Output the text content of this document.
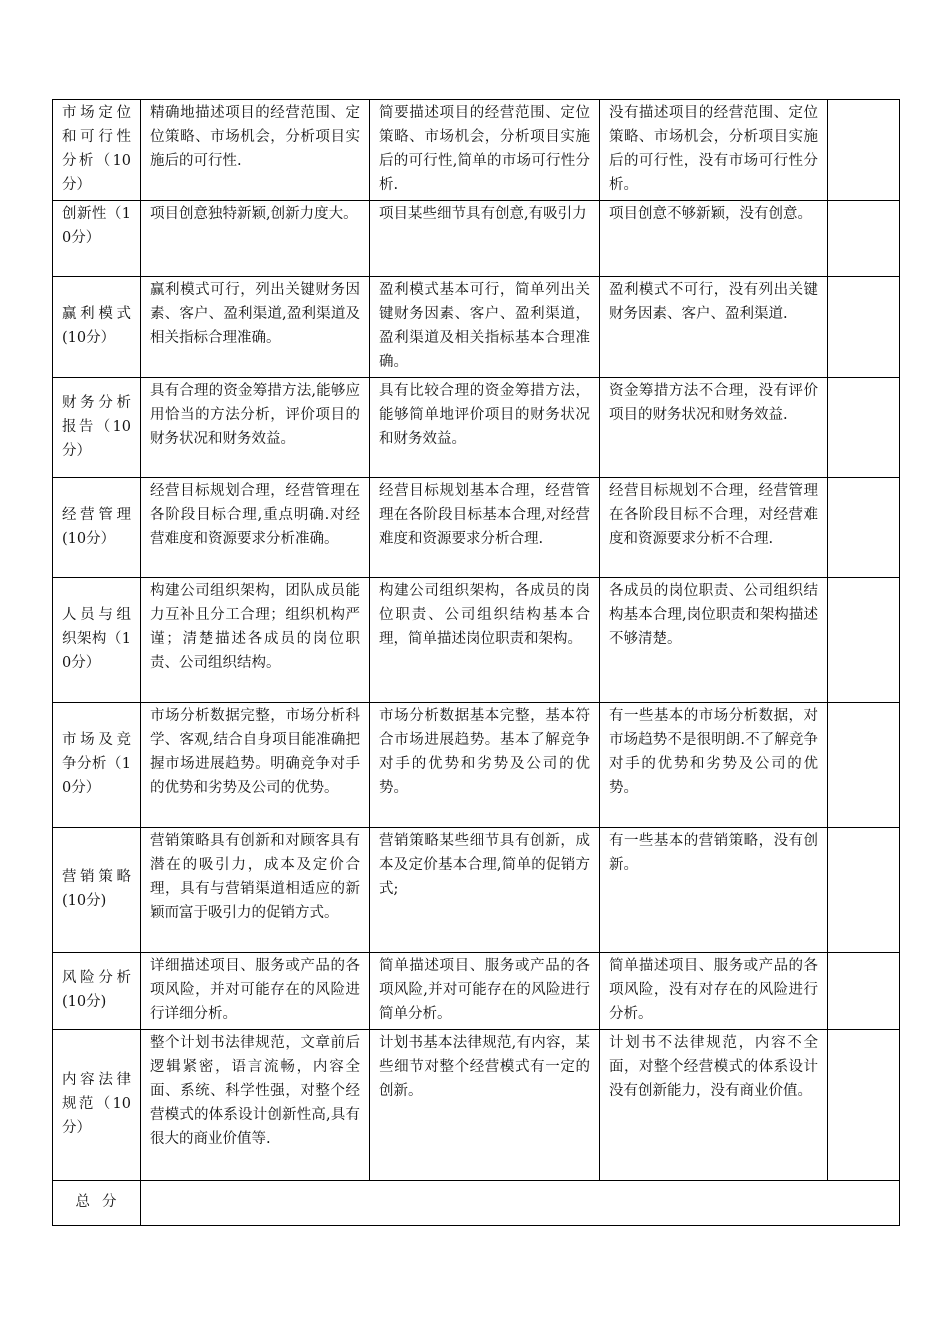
市场定位和可行性分析（10分）	精确地描述项目的经营范围、定位策略、市场机会，分析项目实施后的可行性.	简要描述项目的经营范围、定位策略、市场机会，分析项目实施后的可行性,简单的市场可行性分析.	没有描述项目的经营范围、定位策略、市场机会，分析项目实施后的可行性，没有市场可行性分析。	
创新性（10分）	项目创意独特新颖,创新力度大。	项目某些细节具有创意,有吸引力	项目创意不够新颖，没有创意。	
赢利模式(10分）	赢利模式可行，列出关键财务因素、客户、盈利渠道,盈利渠道及相关指标合理准确。	盈利模式基本可行，简单列出关键财务因素、客户、盈利渠道，盈利渠道及相关指标基本合理准确。	盈利模式不可行，没有列出关键财务因素、客户、盈利渠道.	
财务分析报告（10分）	具有合理的资金筹措方法,能够应用恰当的方法分析，评价项目的财务状况和财务效益。	具有比较合理的资金筹措方法，能够简单地评价项目的财务状况和财务效益。	资金筹措方法不合理，没有评价项目的财务状况和财务效益.	
经营管理(10分）	经营目标规划合理，经营管理在各阶段目标合理,重点明确.对经营难度和资源要求分析准确。	经营目标规划基本合理，经营管理在各阶段目标基本合理,对经营难度和资源要求分析合理.	经营目标规划不合理，经营管理在各阶段目标不合理，对经营难度和资源要求分析不合理.	
人员与组织架构（10分）	构建公司组织架构，团队成员能力互补且分工合理；组织机构严谨；清楚描述各成员的岗位职责、公司组织结构。	构建公司组织架构，各成员的岗位职责、公司组织结构基本合理，简单描述岗位职责和架构。	各成员的岗位职责、公司组织结构基本合理,岗位职责和架构描述不够清楚。	
市场及竞争分析（10分）	市场分析数据完整，市场分析科学、客观,结合自身项目能准确把握市场进展趋势。明确竞争对手的优势和劣势及公司的优势。	市场分析数据基本完整，基本符合市场进展趋势。基本了解竞争对手的优势和劣势及公司的优势。	有一些基本的市场分析数据，对市场趋势不是很明朗.不了解竞争对手的优势和劣势及公司的优势。	
营销策略(10分)	营销策略具有创新和对顾客具有潜在的吸引力，成本及定价合理，具有与营销渠道相适应的新颖而富于吸引力的促销方式。	营销策略某些细节具有创新，成本及定价基本合理,简单的促销方式;	有一些基本的营销策略，没有创新。	
风险分析(10分)	详细描述项目、服务或产品的各项风险，并对可能存在的风险进行详细分析。	简单描述项目、服务或产品的各项风险,并对可能存在的风险进行简单分析。	简单描述项目、服务或产品的各项风险，没有对存在的风险进行分析。	
内容法律规范（10分）	整个计划书法律规范，文章前后逻辑紧密，语言流畅，内容全面、系统、科学性强，对整个经营模式的体系设计创新性高,具有很大的商业价值等.	计划书基本法律规范,有内容，某些细节对整个经营模式有一定的创新。	计划书不法律规范，内容不全面，对整个经营模式的体系设计没有创新能力，没有商业价值。	
总分				
